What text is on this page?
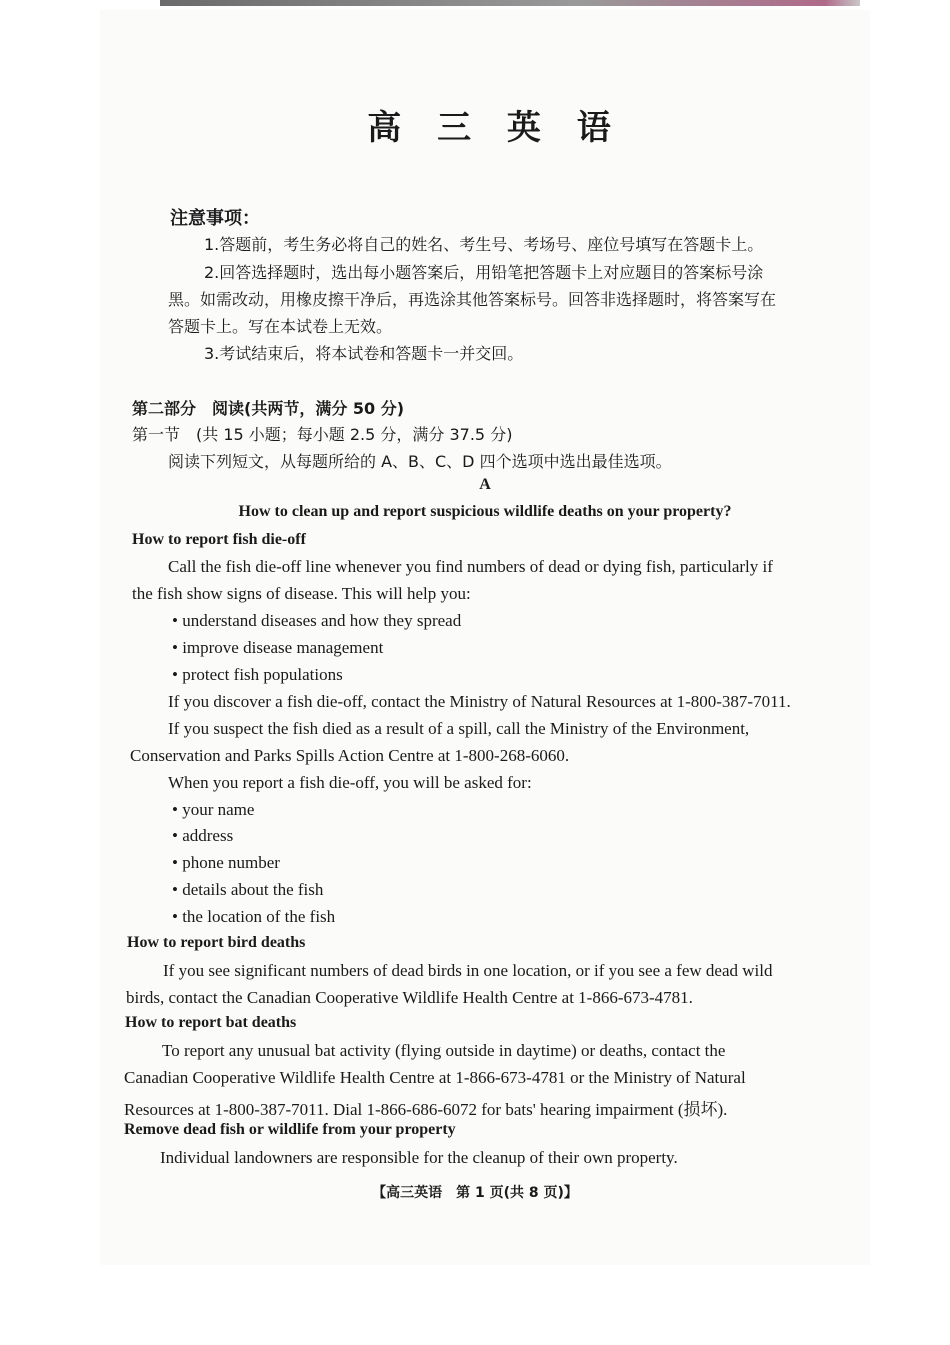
高 三 英 语
注意事项：
1.答题前，考生务必将自己的姓名、考生号、考场号、座位号填写在答题卡上。
2.回答选择题时，选出每小题答案后，用铅笔把答题卡上对应题目的答案标号涂
黑。如需改动，用橡皮擦干净后，再选涂其他答案标号。回答非选择题时，将答案写在
答题卡上。写在本试卷上无效。
3.考试结束后，将本试卷和答题卡一并交回。
第二部分　阅读(共两节，满分 50 分)
第一节　(共 15 小题；每小题 2.5 分，满分 37.5 分)
阅读下列短文，从每题所给的 A、B、C、D 四个选项中选出最佳选项。
A
How to clean up and report suspicious wildlife deaths on your property?
How to report fish die-off
Call the fish die-off line whenever you find numbers of dead or dying fish, particularly if
the fish show signs of disease. This will help you:
• understand diseases and how they spread
• improve disease management
• protect fish populations
If you discover a fish die-off, contact the Ministry of Natural Resources at 1-800-387-7011.
If you suspect the fish died as a result of a spill, call the Ministry of the Environment,
Conservation and Parks Spills Action Centre at 1-800-268-6060.
When you report a fish die-off, you will be asked for:
• your name
• address
• phone number
• details about the fish
• the location of the fish
How to report bird deaths
If you see significant numbers of dead birds in one location, or if you see a few dead wild
birds, contact the Canadian Cooperative Wildlife Health Centre at 1-866-673-4781.
How to report bat deaths
To report any unusual bat activity (flying outside in daytime) or deaths, contact the
Canadian Cooperative Wildlife Health Centre at 1-866-673-4781 or the Ministry of Natural
Resources at 1-800-387-7011. Dial 1-866-686-6072 for bats' hearing impairment (损坏).
Remove dead fish or wildlife from your property
Individual landowners are responsible for the cleanup of their own property.
【高三英语　第 1 页(共 8 页)】
